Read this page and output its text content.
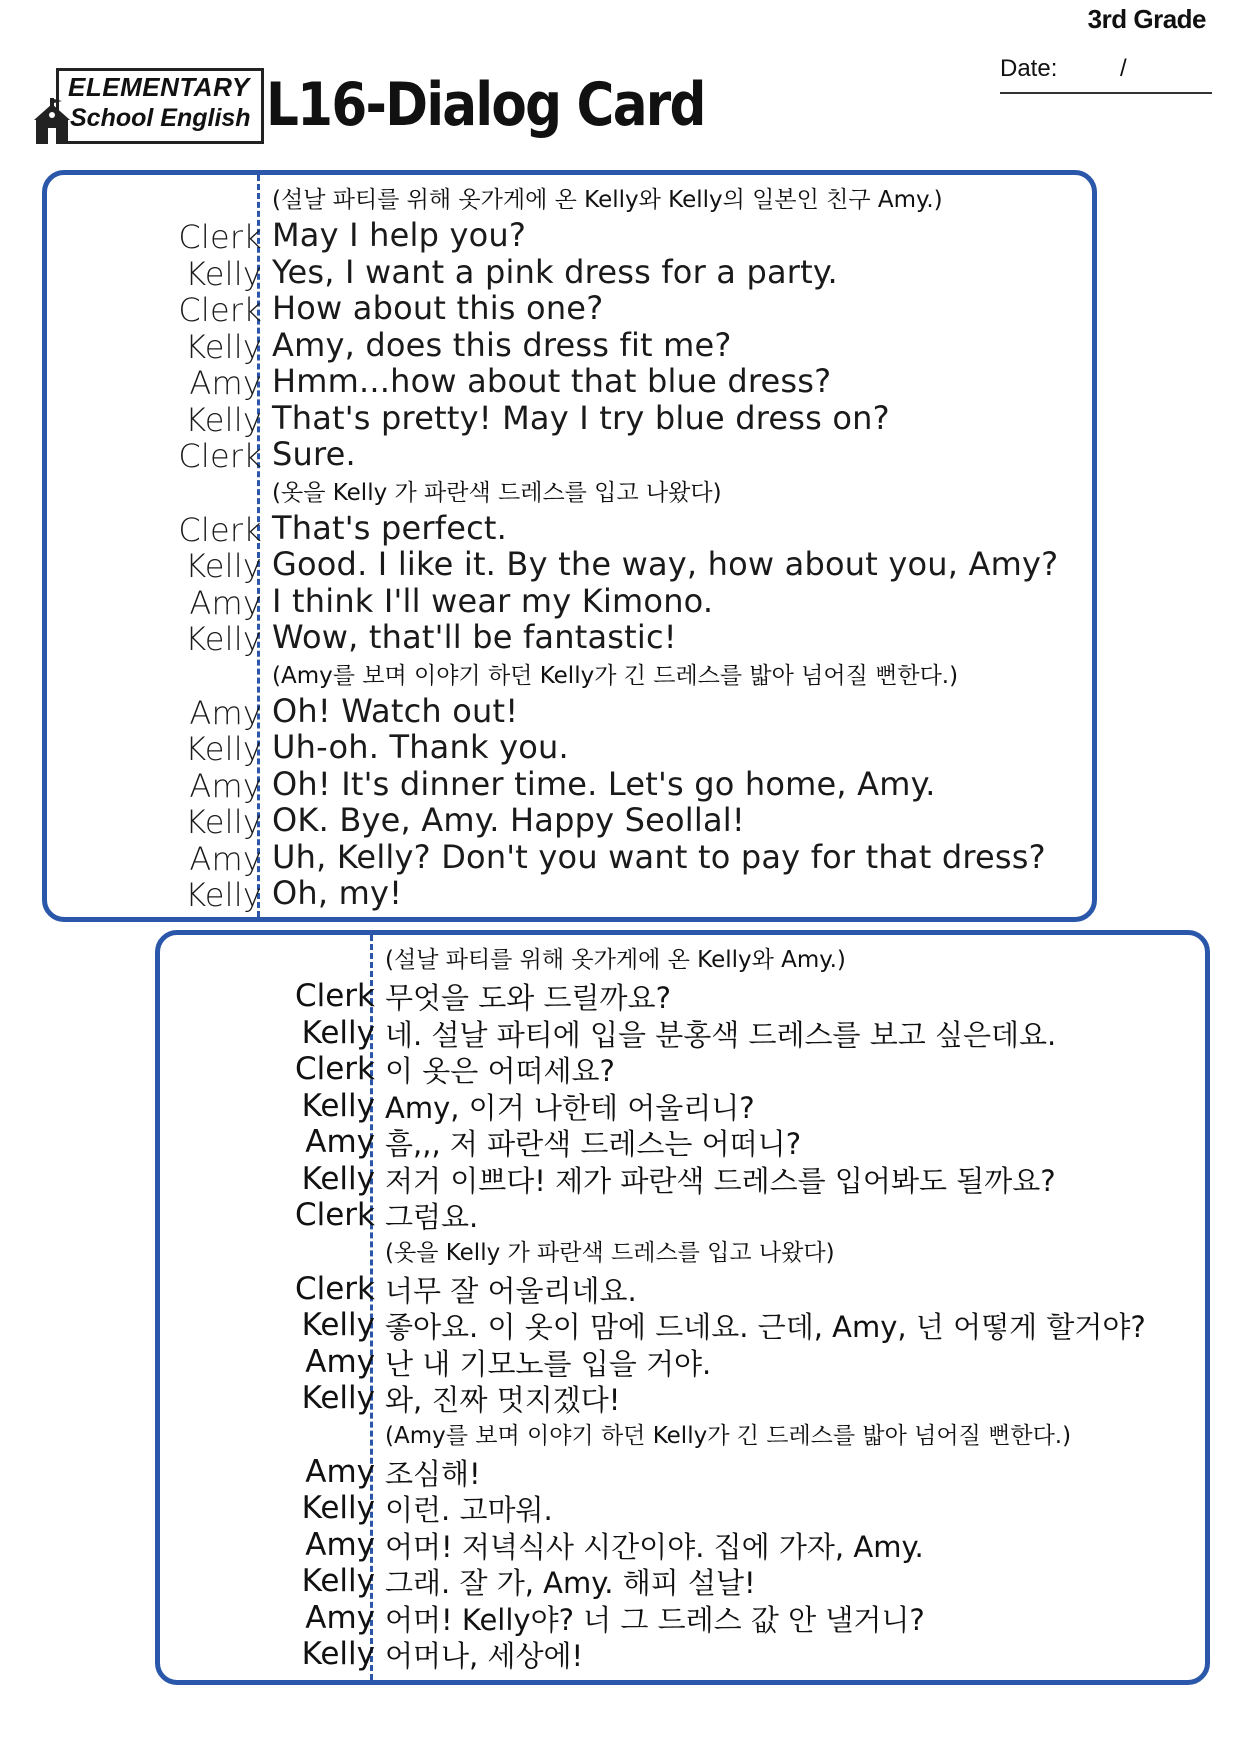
3rd Grade
Date:	/
ELEMENTARY
School English L16-Dialog Card
(설날 파티를 위해 옷가게에 온 Kelly와 Kelly의 일본인 친구 Amy.)
Clerk May I help you?
Kelly Yes, I want a pink dress for a party.
Clerk How about this one?
Kelly Amy, does this dress fit me?
Amy Hmm...how about that blue dress?
Kelly That's pretty! May I try blue dress on?
Clerk Sure.
(옷을 Kelly 가 파란색 드레스를 입고 나왔다)
Clerk That's perfect.
Kelly Good. I like it. By the way, how about you, Amy?
Amy I think I'll wear my Kimono.
Kelly Wow, that'll be fantastic!
(Amy를 보며 이야기 하던 Kelly가 긴 드레스를 밟아 넘어질 뻔한다.)
Amy Oh! Watch out!
Kelly Uh-oh. Thank you.
Amy Oh! It's dinner time. Let's go home, Amy.
Kelly OK. Bye, Amy. Happy Seollal!
Amy Uh, Kelly? Don't you want to pay for that dress?
Kelly Oh, my!
(설날 파티를 위해 옷가게에 온 Kelly와 Amy.)
Clerk 무엇을 도와 드릴까요?
Kelly 네. 설날 파티에 입을 분홍색 드레스를 보고 싶은데요.
Clerk 이 옷은 어떠세요?
Kelly Amy, 이거 나한테 어울리니?
Amy 흠,,, 저 파란색 드레스는 어떠니?
Kelly 저거 이쁘다! 제가 파란색 드레스를 입어봐도 될까요?
Clerk 그럼요.
(옷을 Kelly 가 파란색 드레스를 입고 나왔다)
Clerk 너무 잘 어울리네요.
Kelly 좋아요. 이 옷이 맘에 드네요. 근데, Amy, 넌 어떻게 할거야?
Amy 난 내 기모노를 입을 거야.
Kelly 와, 진짜 멋지겠다!
(Amy를 보며 이야기 하던 Kelly가 긴 드레스를 밟아 넘어질 뻔한다.)
Amy 조심해!
Kelly 이런. 고마워.
Amy 어머! 저녁식사 시간이야. 집에 가자, Amy.
Kelly 그래. 잘 가, Amy. 해피 설날!
Amy 어머! Kelly야? 너 그 드레스 값 안 낼거니?
Kelly 어머나, 세상에!
